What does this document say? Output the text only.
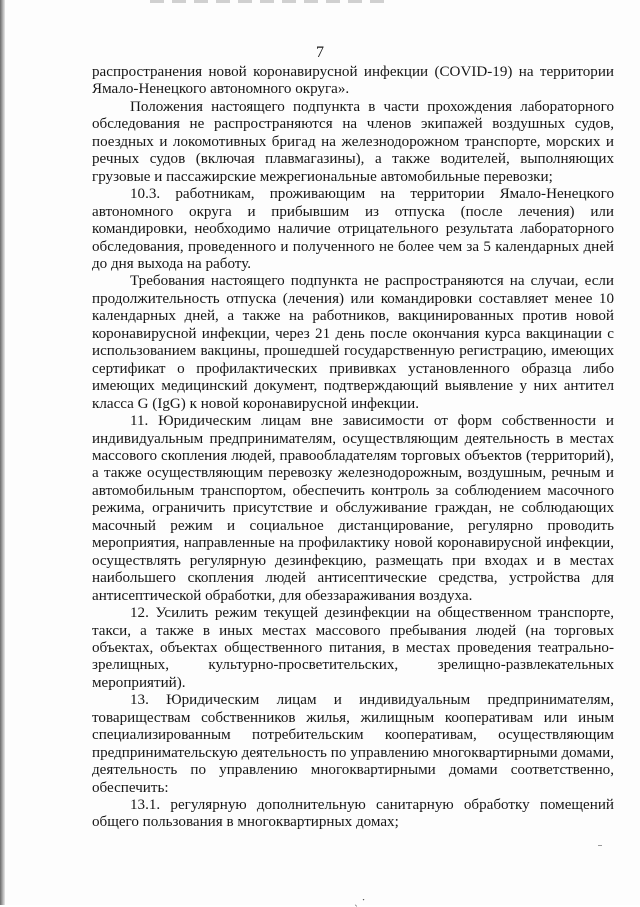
7

распространения новой коронавирусной инфекции (COVID-19) на территории Ямало-Ненецкого автономного округа».

Положения настоящего подпункта в части прохождения лабораторного обследования не распространяются на членов экипажей воздушных судов, поездных и локомотивных бригад на железнодорожном транспорте, морских и речных судов (включая плавмагазины), а также водителей, выполняющих грузовые и пассажирские межрегиональные автомобильные перевозки;

10.3. работникам, проживающим на территории Ямало-Ненецкого автономного округа и прибывшим из отпуска (после лечения) или командировки, необходимо наличие отрицательного результата лабораторного обследования, проведенного и полученного не более чем за 5 календарных дней до дня выхода на работу.

Требования настоящего подпункта не распространяются на случаи, если продолжительность отпуска (лечения) или командировки составляет менее 10 календарных дней, а также на работников, вакцинированных против новой коронавирусной инфекции, через 21 день после окончания курса вакцинации с использованием вакцины, прошедшей государственную регистрацию, имеющих сертификат о профилактических прививках установленного образца либо имеющих медицинский документ, подтверждающий выявление у них антител класса G (IgG) к новой коронавирусной инфекции.

11. Юридическим лицам вне зависимости от форм собственности и индивидуальным предпринимателям, осуществляющим деятельность в местах массового скопления людей, правообладателям торговых объектов (территорий), а также осуществляющим перевозку железнодорожным, воздушным, речным и автомобильным транспортом, обеспечить контроль за соблюдением масочного режима, ограничить присутствие и обслуживание граждан, не соблюдающих масочный режим и социальное дистанцирование, регулярно проводить мероприятия, направленные на профилактику новой коронавирусной инфекции, осуществлять регулярную дезинфекцию, размещать при входах и в местах наибольшего скопления людей антисептические средства, устройства для антисептической обработки, для обеззараживания воздуха.

12. Усилить режим текущей дезинфекции на общественном транспорте, такси, а также в иных местах массового пребывания людей (на торговых объектах, объектах общественного питания, в местах проведения театрально-зрелищных, культурно-просветительских, зрелищно-развлекательных мероприятий).

13. Юридическим лицам и индивидуальным предпринимателям, товариществам собственников жилья, жилищным кооперативам или иным специализированным потребительским кооперативам, осуществляющим предпринимательскую деятельность по управлению многоквартирными домами, деятельность по управлению многоквартирными домами соответственно, обеспечить:

13.1. регулярную дополнительную санитарную обработку помещений общего пользования в многоквартирных домах;

ˎ ˑ
